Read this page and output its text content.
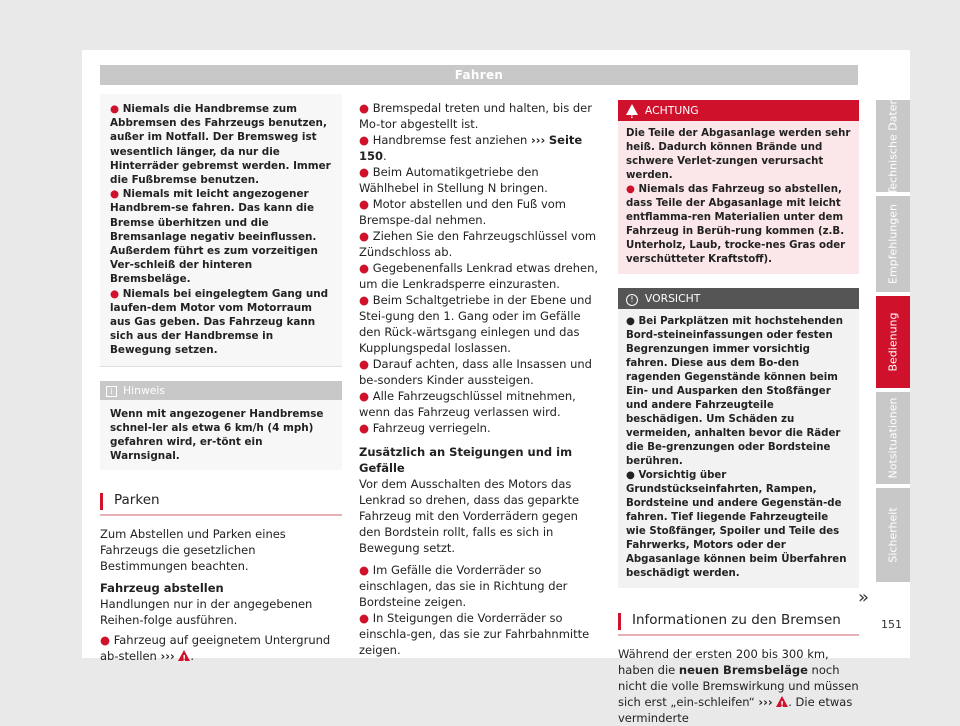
Fahren

● Niemals die Handbremse zum Abbremsen des Fahrzeugs benutzen, außer im Notfall. Der Bremsweg ist wesentlich länger, da nur die Hinterräder gebremst werden. Immer die Fußbremse benutzen.

● Niemals mit leicht angezogener Handbrem-se fahren. Das kann die Bremse überhitzen und die Bremsanlage negativ beeinflussen. Außerdem führt es zum vorzeitigen Ver-schleiß der hinteren Bremsbeläge.

● Niemals bei eingelegtem Gang und laufen-dem Motor vom Motorraum aus Gas geben. Das Fahrzeug kann sich aus der Handbremse in Bewegung setzen.

i Hinweis
Wenn mit angezogener Handbremse schnel-ler als etwa 6 km/h (4 mph) gefahren wird, er-tönt ein Warnsignal.
Parken

Zum Abstellen und Parken eines Fahrzeugs die gesetzlichen Bestimmungen beachten.

Fahrzeug abstellen

Handlungen nur in der angegebenen Reihen-folge ausführen.

● Fahrzeug auf geeignetem Untergrund ab-stellen ››› ! .

● Bremspedal treten und halten, bis der Mo-tor abgestellt ist.

● Handbremse fest anziehen ››› Seite 150.

● Beim Automatikgetriebe den Wählhebel in Stellung N bringen.

● Motor abstellen und den Fuß vom Bremspe-dal nehmen.

● Ziehen Sie den Fahrzeugschlüssel vom Zündschloss ab.

● Gegebenenfalls Lenkrad etwas drehen, um die Lenkradsperre einzurasten.

● Beim Schaltgetriebe in der Ebene und Stei-gung den 1. Gang oder im Gefälle den Rück-wärtsgang einlegen und das Kupplungspedal loslassen.

● Darauf achten, dass alle Insassen und be-sonders Kinder aussteigen.

● Alle Fahrzeugschlüssel mitnehmen, wenn das Fahrzeug verlassen wird.

● Fahrzeug verriegeln.

Zusätzlich an Steigungen und im Gefälle

Vor dem Ausschalten des Motors das Lenkrad so drehen, dass das geparkte Fahrzeug mit den Vorderrädern gegen den Bordstein rollt, falls es sich in Bewegung setzt.

● Im Gefälle die Vorderräder so einschlagen, das sie in Richtung der Bordsteine zeigen.

● In Steigungen die Vorderräder so einschla-gen, das sie zur Fahrbahnmitte zeigen.

!  ACHTUNG

Die Teile der Abgasanlage werden sehr heiß. Dadurch können Brände und schwere Verlet-zungen verursacht werden.

● Niemals das Fahrzeug so abstellen, dass Teile der Abgasanlage mit leicht entflamma-ren Materialien unter dem Fahrzeug in Berüh-rung kommen (z.B. Unterholz, Laub, trocke-nes Gras oder verschütteter Kraftstoff).

! VORSICHT

● Bei Parkplätzen mit hochstehenden Bord-steineinfassungen oder festen Begrenzungen immer vorsichtig fahren. Diese aus dem Bo-den ragenden Gegenstände können beim Ein- und Ausparken den Stoßfänger und andere Fahrzeugteile beschädigen. Um Schäden zu vermeiden, anhalten bevor die Räder die Be-grenzungen oder Bordsteine berühren.

● Vorsichtig über Grundstückseinfahrten, Rampen, Bordsteine und andere Gegenstän-de fahren. Tief liegende Fahrzeugteile wie Stoßfänger, Spoiler und Teile des Fahrwerks, Motors oder der Abgasanlage können beim Überfahren beschädigt werden.

Informationen zu den Bremsen

Während der ersten 200 bis 300 km, haben die neuen Bremsbeläge noch nicht die volle Bremswirkung und müssen sich erst „ein-schleifen“ ››› ! . Die etwas verminderte

»
151
Technische Daten
Empfehlungen
Bedienung
Notsituationen
Sicherheit
